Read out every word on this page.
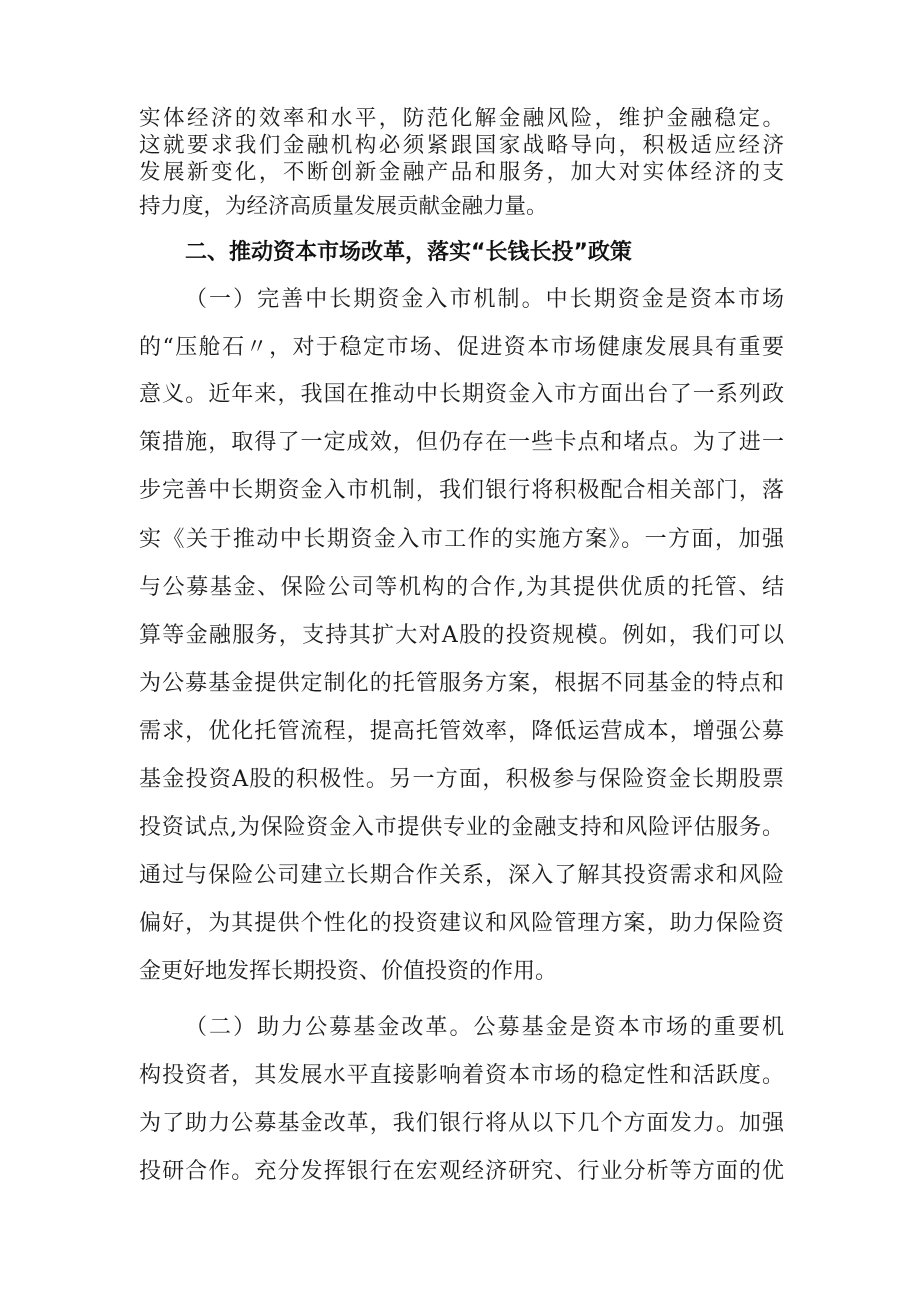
实体经济的效率和水平，防范化解金融风险，维护金融稳定。
这就要求我们金融机构必须紧跟国家战略导向，积极适应经济
发展新变化，不断创新金融产品和服务，加大对实体经济的支
持力度，为经济高质量发展贡献金融力量。
二、推动资本市场改革，落实“长钱长投”政策
（一）完善中长期资金入市机制。中长期资金是资本市场
的“压舱石〃，对于稳定市场、促进资本市场健康发展具有重要
意义。近年来，我国在推动中长期资金入市方面出台了一系列政
策措施，取得了一定成效，但仍存在一些卡点和堵点。为了进一
步完善中长期资金入市机制，我们银行将积极配合相关部门，落
实《关于推动中长期资金入市工作的实施方案》。一方面，加强
与公募基金、保险公司等机构的合作,为其提供优质的托管、结
算等金融服务，支持其扩大对A股的投资规模。例如，我们可以
为公募基金提供定制化的托管服务方案，根据不同基金的特点和
需求，优化托管流程，提高托管效率，降低运营成本，增强公募
基金投资A股的积极性。另一方面，积极参与保险资金长期股票
投资试点,为保险资金入市提供专业的金融支持和风险评估服务。
通过与保险公司建立长期合作关系，深入了解其投资需求和风险
偏好，为其提供个性化的投资建议和风险管理方案，助力保险资
金更好地发挥长期投资、价值投资的作用。
（二）助力公募基金改革。公募基金是资本市场的重要机
构投资者，其发展水平直接影响着资本市场的稳定性和活跃度。
为了助力公募基金改革，我们银行将从以下几个方面发力。加强
投研合作。充分发挥银行在宏观经济研究、行业分析等方面的优
